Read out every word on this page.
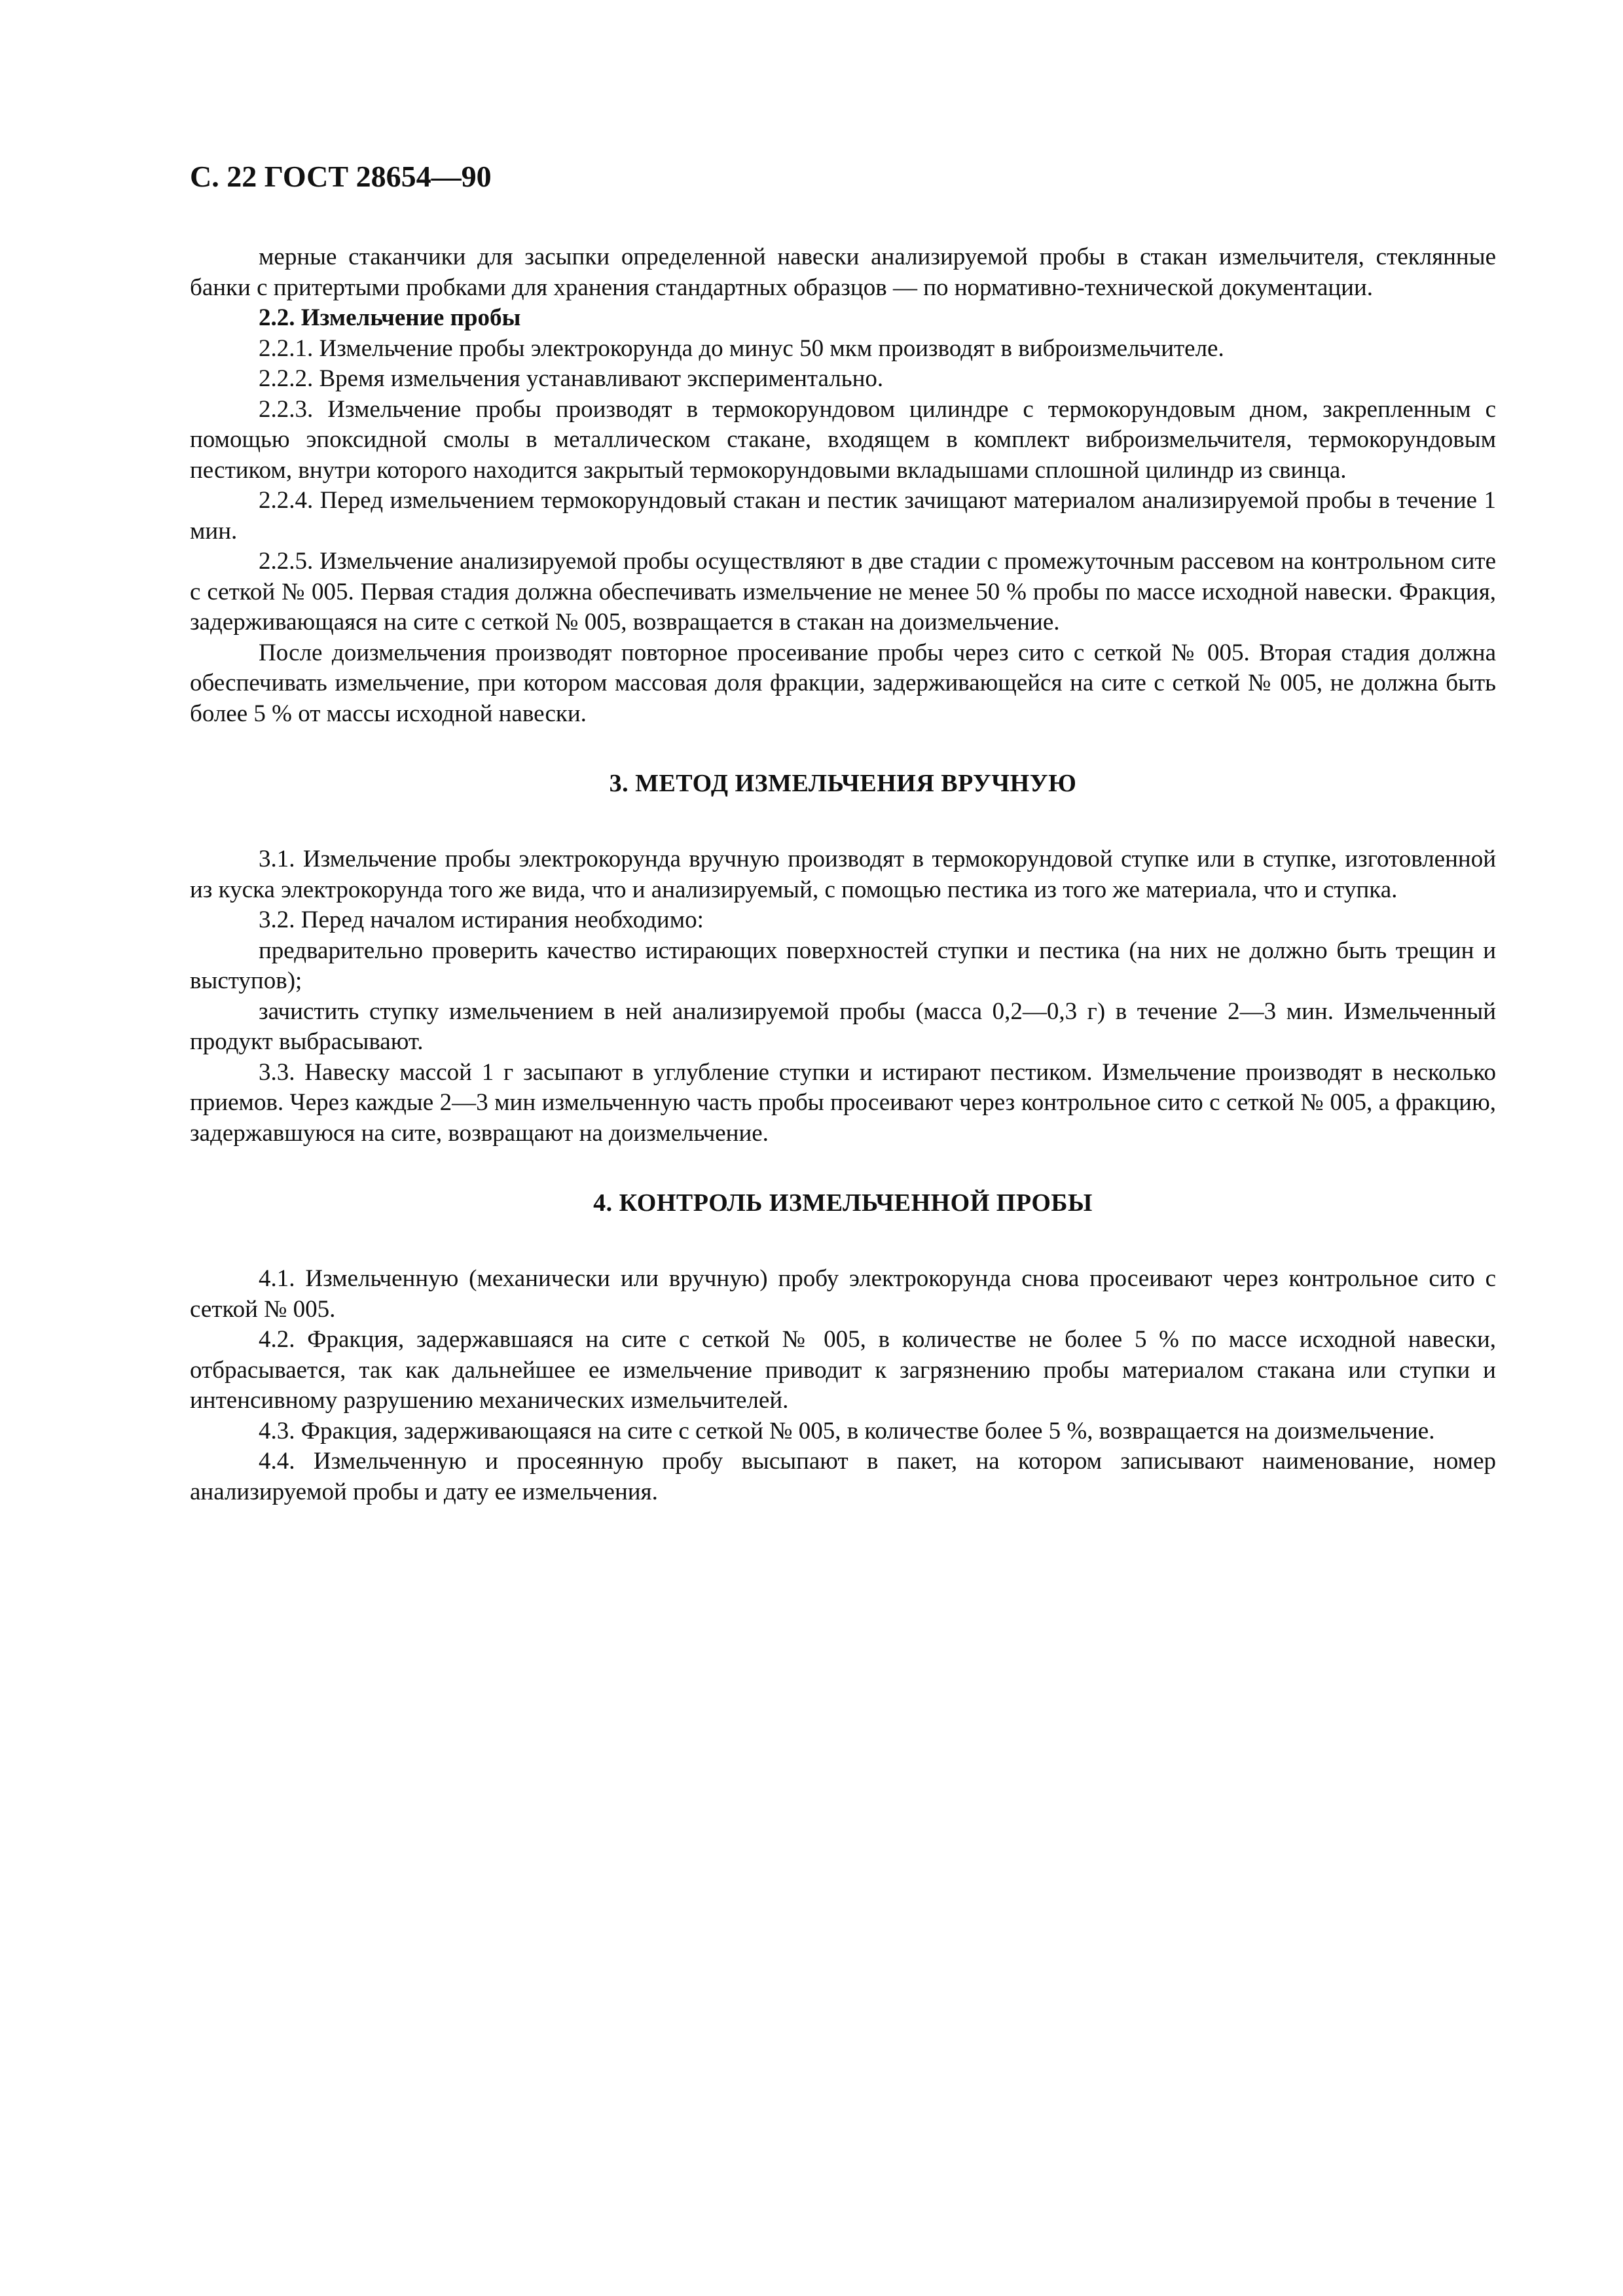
С. 22 ГОСТ 28654—90

мерные стаканчики для засыпки определенной навески анализируемой пробы в стакан измельчителя, стеклянные банки с притертыми пробками для хранения стандартных образцов — по нормативно-технической документации.

2.2. Измельчение пробы

2.2.1. Измельчение пробы электрокорунда до минус 50 мкм производят в виброизмельчителе.

2.2.2. Время измельчения устанавливают экспериментально.

2.2.3. Измельчение пробы производят в термокорундовом цилиндре с термокорундовым дном, закрепленным с помощью эпоксидной смолы в металлическом стакане, входящем в комплект виброизмельчителя, термокорундовым пестиком, внутри которого находится закрытый термокорундовыми вкладышами сплошной цилиндр из свинца.

2.2.4. Перед измельчением термокорундовый стакан и пестик зачищают материалом анализируемой пробы в течение 1 мин.

2.2.5. Измельчение анализируемой пробы осуществляют в две стадии с промежуточным рассевом на контрольном сите с сеткой № 005. Первая стадия должна обеспечивать измельчение не менее 50 % пробы по массе исходной навески. Фракция, задерживающаяся на сите с сеткой № 005, возвращается в стакан на доизмельчение.

После доизмельчения производят повторное просеивание пробы через сито с сеткой № 005. Вторая стадия должна обеспечивать измельчение, при котором массовая доля фракции, задерживающейся на сите с сеткой № 005, не должна быть более 5 % от массы исходной навески.

3. МЕТОД ИЗМЕЛЬЧЕНИЯ ВРУЧНУЮ

3.1. Измельчение пробы электрокорунда вручную производят в термокорундовой ступке или в ступке, изготовленной из куска электрокорунда того же вида, что и анализируемый, с помощью пестика из того же материала, что и ступка.

3.2. Перед началом истирания необходимо:

предварительно проверить качество истирающих поверхностей ступки и пестика (на них не должно быть трещин и выступов);

зачистить ступку измельчением в ней анализируемой пробы (масса 0,2—0,3 г) в течение 2—3 мин. Измельченный продукт выбрасывают.

3.3. Навеску массой 1 г засыпают в углубление ступки и истирают пестиком. Измельчение производят в несколько приемов. Через каждые 2—3 мин измельченную часть пробы просеивают через контрольное сито с сеткой № 005, а фракцию, задержавшуюся на сите, возвращают на доизмельчение.

4. КОНТРОЛЬ ИЗМЕЛЬЧЕННОЙ ПРОБЫ

4.1. Измельченную (механически или вручную) пробу электрокорунда снова просеивают через контрольное сито с сеткой № 005.

4.2. Фракция, задержавшаяся на сите с сеткой № 005, в количестве не более 5 % по массе исходной навески, отбрасывается, так как дальнейшее ее измельчение приводит к загрязнению пробы материалом стакана или ступки и интенсивному разрушению механических измельчителей.

4.3. Фракция, задерживающаяся на сите с сеткой № 005, в количестве более 5 %, возвращается на доизмельчение.

4.4. Измельченную и просеянную пробу высыпают в пакет, на котором записывают наименование, номер анализируемой пробы и дату ее измельчения.
